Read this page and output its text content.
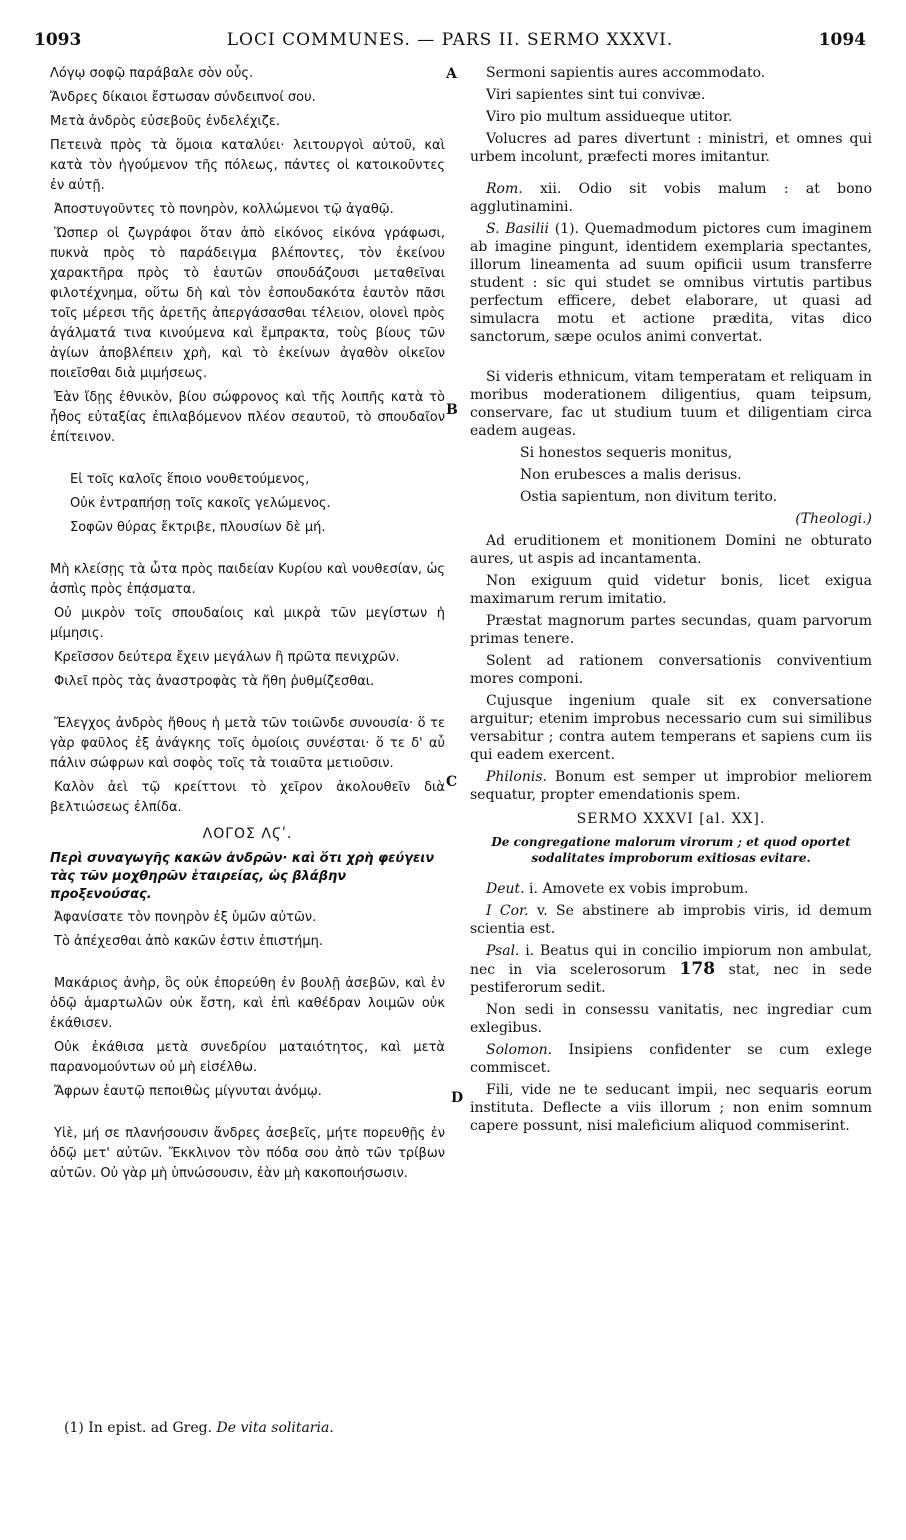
1093	LOCI COMMUNES. — PARS II. SERMO XXXVI.	1094
A
B
C
D

Λόγῳ σοφῷ παράβαλε σὸν οὖς.

Ἄνδρες δίκαιοι ἔστωσαν σύνδειπνοί σου.

Μετὰ ἀνδρὸς εὐσεβοῦς ἐνδελέχιζε.

Πετεινὰ πρὸς τὰ ὅμοια καταλύει· λειτουργοὶ αὐτοῦ, καὶ κατὰ τὸν ἡγούμενον τῆς πόλεως, πάντες οἱ κατοικοῦντες ἐν αὐτῇ.

Ἀποστυγοῦντες τὸ πονηρὸν, κολλώμενοι τῷ ἀγαθῷ.

Ὥσπερ οἱ ζωγράφοι ὅταν ἀπὸ εἰκόνος εἰκόνα γράφωσι, πυκνὰ πρὸς τὸ παράδειγμα βλέποντες, τὸν ἐκείνου χαρακτῆρα πρὸς τὸ ἑαυτῶν σπουδάζουσι μεταθεῖναι φιλοτέχνημα, οὕτω δὴ καὶ τὸν ἐσπουδακότα ἑαυτὸν πᾶσι τοῖς μέρεσι τῆς ἀρετῆς ἀπεργάσασθαι τέλειον, οἱονεὶ πρὸς ἀγάλματά τινα κινούμενα καὶ ἔμπρακτα, τοὺς βίους τῶν ἁγίων ἀποβλέπειν χρὴ, καὶ τὸ ἐκείνων ἀγαθὸν οἰκεῖον ποιεῖσθαι διὰ μιμήσεως.

Ἐὰν ἴδῃς ἐθνικὸν, βίου σώφρονος καὶ τῆς λοιπῆς κατὰ τὸ ἦθος εὐταξίας ἐπιλαβόμενον πλέον σεαυτοῦ, τὸ σπουδαῖον ἐπίτεινον.

Εἰ τοῖς καλοῖς ἕποιο νουθετούμενος,

Οὐκ ἐντραπήσῃ τοῖς κακοῖς γελώμενος.

Σοφῶν θύρας ἔκτριβε, πλουσίων δὲ μή.

Μὴ κλείσῃς τὰ ὦτα πρὸς παιδείαν Κυρίου καὶ νουθεσίαν, ὡς ἀσπὶς πρὸς ἐπᾴσματα.

Οὐ μικρὸν τοῖς σπουδαίοις καὶ μικρὰ τῶν μεγίστων ἡ μίμησις.

Κρεῖσσον δεύτερα ἔχειν μεγάλων ἢ πρῶτα πενιχρῶν.

Φιλεῖ πρὸς τὰς ἀναστροφὰς τὰ ἤθη ῥυθμίζεσθαι.

Ἔλεγχος ἀνδρὸς ἤθους ἡ μετὰ τῶν τοιῶνδε συνουσία· ὅ τε γὰρ φαῦλος ἐξ ἀνάγκης τοῖς ὁμοίοις συνέσται· ὅ τε δ' αὖ πάλιν σώφρων καὶ σοφὸς τοῖς τὰ τοιαῦτα μετιοῦσιν.

Καλὸν ἀεὶ τῷ κρείττονι τὸ χεῖρον ἀκολουθεῖν διὰ βελτιώσεως ἐλπίδα.

ΛΟΓΟΣ ΛϚʹ.

Περὶ συναγωγῆς κακῶν ἀνδρῶν· καὶ ὅτι χρὴ φεύγειν τὰς τῶν μοχθηρῶν ἑταιρείας, ὡς βλάβην προξενούσας.

Ἀφανίσατε τὸν πονηρὸν ἐξ ὑμῶν αὐτῶν.

Τὸ ἀπέχεσθαι ἀπὸ κακῶν ἐστιν ἐπιστήμη.

Μακάριος ἀνὴρ, ὃς οὐκ ἐπορεύθη ἐν βουλῇ ἀσεβῶν, καὶ ἐν ὁδῷ ἁμαρτωλῶν οὐκ ἔστη, καὶ ἐπὶ καθέδραν λοιμῶν οὐκ ἐκάθισεν.

Οὐκ ἐκάθισα μετὰ συνεδρίου ματαιότητος, καὶ μετὰ παρανομούντων οὐ μὴ εἰσέλθω.

Ἄφρων ἑαυτῷ πεποιθὼς μίγνυται ἀνόμῳ.

Υἱὲ, μή σε πλανήσουσιν ἄνδρες ἀσεβεῖς, μήτε πορευθῇς ἐν ὁδῷ μετ' αὐτῶν. Ἔκκλινον τὸν πόδα σου ἀπὸ τῶν τρίβων αὐτῶν. Οὐ γὰρ μὴ ὑπνώσουσιν, ἐὰν μὴ κακοποιήσωσιν.

Sermoni sapientis aures accommodato.

Viri sapientes sint tui convivæ.

Viro pio multum assidueque utitor.

Volucres ad pares divertunt : ministri, et omnes qui urbem incolunt, præfecti mores imitantur.

Rom. xii. Odio sit vobis malum : at bono agglutinamini.

S. Basilii (1). Quemadmodum pictores cum imaginem ab imagine pingunt, identidem exemplaria spectantes, illorum lineamenta ad suum opificii usum transferre student : sic qui studet se omnibus virtutis partibus perfectum efficere, debet elaborare, ut quasi ad simulacra motu et actione prædita, vitas dico sanctorum, sæpe oculos animi convertat.

Si videris ethnicum, vitam temperatam et reliquam in moribus moderationem diligentius, quam teipsum, conservare, fac ut studium tuum et diligentiam circa eadem augeas.

Si honestos sequeris monitus,

Non erubesces a malis derisus.

Ostia sapientum, non divitum terito.

(Theologi.)

Ad eruditionem et monitionem Domini ne obturato aures, ut aspis ad incantamenta.

Non exiguum quid videtur bonis, licet exigua maximarum rerum imitatio.

Præstat magnorum partes secundas, quam parvorum primas tenere.

Solent ad rationem conversationis conviventium mores componi.

Cujusque ingenium quale sit ex conversatione arguitur; etenim improbus necessario cum sui similibus versabitur ; contra autem temperans et sapiens cum iis qui eadem exercent.

Philonis. Bonum est semper ut improbior meliorem sequatur, propter emendationis spem.

SERMO XXXVI [al. XX].

De congregatione malorum virorum ; et quod oportet sodalitates improborum exitiosas evitare.

Deut. i. Amovete ex vobis improbum.

I Cor. v. Se abstinere ab improbis viris, id demum scientia est.

Psal. i. Beatus qui in concilio impiorum non ambulat, nec in via scelerosorum 178 stat, nec in sede pestiferorum sedit.

Non sedi in consessu vanitatis, nec ingrediar cum exlegibus.

Solomon. Insipiens confidenter se cum exlege commiscet.

Fili, vide ne te seducant impii, nec sequaris eorum instituta. Deflecte a viis illorum ; non enim somnum capere possunt, nisi maleficium aliquod commiserint.

(1) In epist. ad Greg. De vita solitaria.
